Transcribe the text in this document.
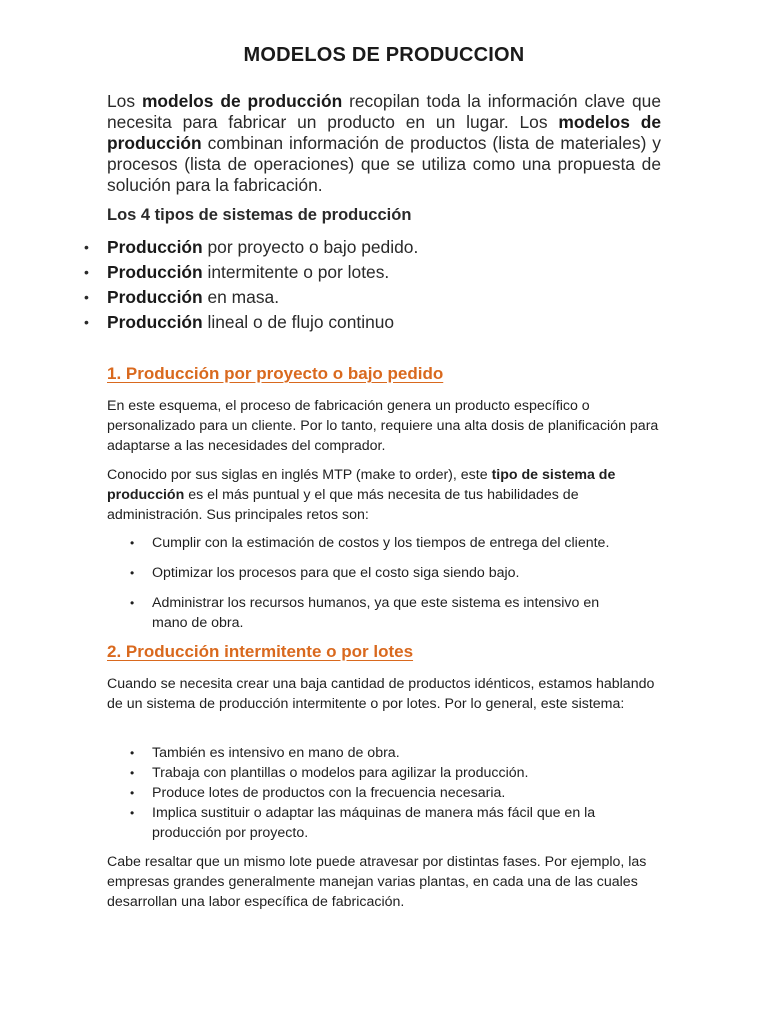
MODELOS DE PRODUCCION
Los modelos de producción recopilan toda la información clave que necesita para fabricar un producto en un lugar. Los modelos de producción combinan información de productos (lista de materiales) y procesos (lista de operaciones) que se utiliza como una propuesta de solución para la fabricación.
Los 4 tipos de sistemas de producción
• Producción por proyecto o bajo pedido.
• Producción intermitente o por lotes.
• Producción en masa.
• Producción lineal o de flujo continuo
1. Producción por proyecto o bajo pedido
En este esquema, el proceso de fabricación genera un producto específico o personalizado para un cliente. Por lo tanto, requiere una alta dosis de planificación para adaptarse a las necesidades del comprador.
Conocido por sus siglas en inglés MTP (make to order), este tipo de sistema de producción es el más puntual y el que más necesita de tus habilidades de administración. Sus principales retos son:
• Cumplir con la estimación de costos y los tiempos de entrega del cliente.
• Optimizar los procesos para que el costo siga siendo bajo.
• Administrar los recursos humanos, ya que este sistema es intensivo en mano de obra.
2. Producción intermitente o por lotes
Cuando se necesita crear una baja cantidad de productos idénticos, estamos hablando de un sistema de producción intermitente o por lotes. Por lo general, este sistema:
• También es intensivo en mano de obra.
• Trabaja con plantillas o modelos para agilizar la producción.
• Produce lotes de productos con la frecuencia necesaria.
• Implica sustituir o adaptar las máquinas de manera más fácil que en la producción por proyecto.
Cabe resaltar que un mismo lote puede atravesar por distintas fases. Por ejemplo, las empresas grandes generalmente manejan varias plantas, en cada una de las cuales desarrollan una labor específica de fabricación.
